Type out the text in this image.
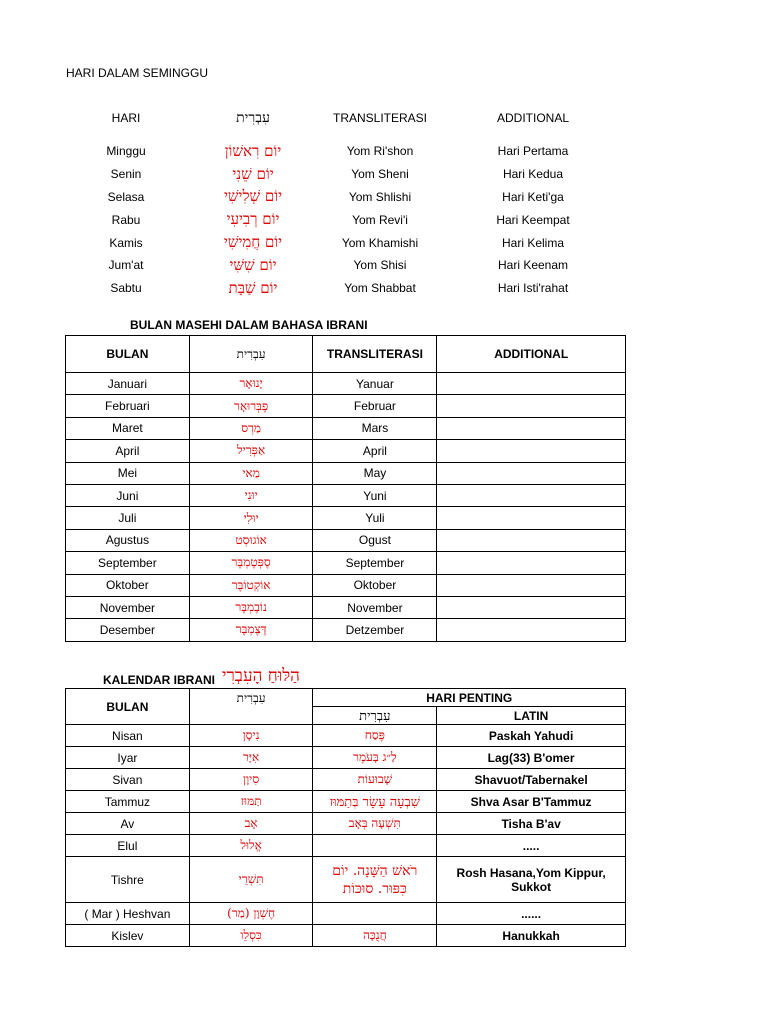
HARI DALAM SEMINGGU
HARI	עִבְרִית	TRANSLITERASI	ADDITIONAL
Minggu	יוֹם רִאשׁוֹן	Yom Ri'shon	Hari Pertama
Senin	יוֹם שֵׁנִי	Yom Sheni	Hari Kedua
Selasa	יוֹם שְׁלִישִׁי	Yom Shlishi	Hari Keti'ga
Rabu	יוֹם רְבִיעִי	Yom Revi'i	Hari Keempat
Kamis	יוֹם חֲמִישִׁי	Yom Khamishi	Hari Kelima
Jum'at	יוֹם שִׁשִּׁי	Yom Shisi	Hari Keenam
Sabtu	יוֹם שַׁבָּת	Yom Shabbat	Hari Isti'rahat
BULAN MASEHI DALAM BAHASA IBRANI
BULAN	עִבְרִית	TRANSLITERASI	ADDITIONAL
Januari	יָנוּאָר	Yanuar	
Februari	פֶבְּרוּאָר	Februar	
Maret	מַרְס	Mars	
April	אַפְּרִיל	April	
Mei	מַאי	May	
Juni	יוּנִי	Yuni	
Juli	יוּלִי	Yuli	
Agustus	אוֹגוּסְט	Ogust	
September	סֶפְּטֶמְבֶּר	September	
Oktober	אוֹקְטוֹבֶּר	Oktober	
November	נוֹבֶמְבֶּר	November	
Desember	דֶּצֶמְבֶּר	Detzember	
KALENDAR IBRANI הַלּוּחַ הָעִבְרִי
BULAN	עִבְרִית	HARI PENTING	
		עִבְרִית	LATIN
Nisan	נִיסָן	פֶּסַח	Paskah Yahudi
Iyar	אִיָּר	לַ״ג בָּעֹמֶר	Lag(33) B'omer
Sivan	סִיוָן	שָׁבוּעוֹת	Shavuot/Tabernakel
Tammuz	תַּמּוּז	שִׁבְעָה עָשָׂר בְּתַמּוּז	Shva Asar B'Tammuz
Av	אָב	תִּשְׁעָה בְּאָב	Tisha B'av
Elul	אֱלוּל		.....
Tishre	תִּשְׁרֵי	רֹאשׁ הַשָּׁנָה. יוֹם כִּפּוּר. סוּכּוֹת	Rosh Hasana,Yom Kippur, Sukkot
( Mar ) Heshvan	חֶשְׁוָן (מַר)		......
Kislev	כִּסְלֵו	חֲנֻכָּה	Hanukkah
